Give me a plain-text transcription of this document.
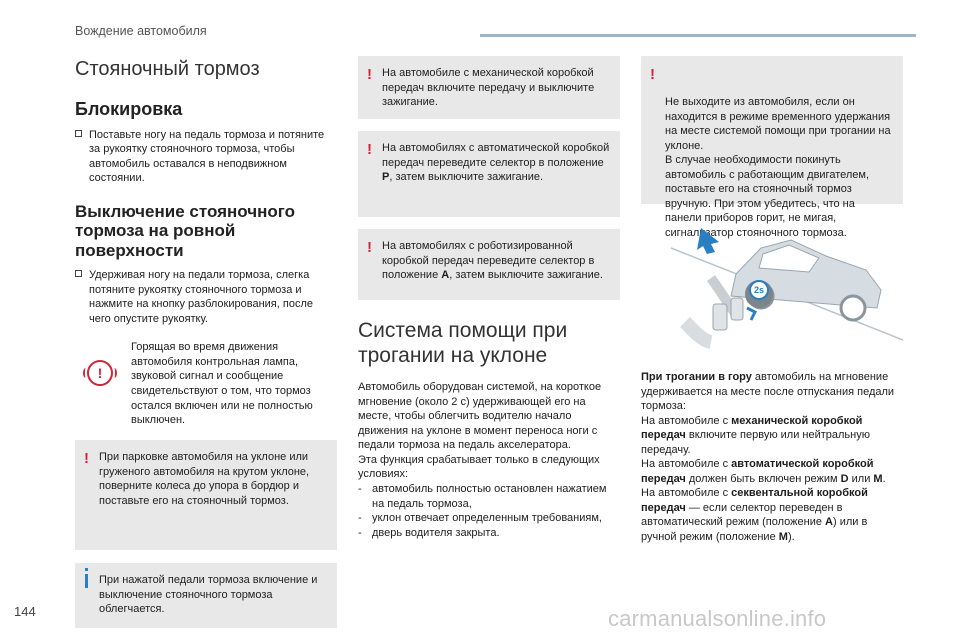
Вождение автомобиля
Стояночный тормоз
Блокировка
Поставьте ногу на педаль тормоза и потяните за рукоятку стояночного тормоза, чтобы автомобиль оставался в неподвижном состоянии.
Выключение стояночного тормоза на ровной поверхности
Удерживая ногу на педали тормоза, слегка потяните рукоятку стояночного тормоза и нажмите на кнопку разблокирования, после чего опустите рукоятку.
!
Горящая во время движения автомобиля контрольная лампа, звуковой сигнал и сообщение свидетельствуют о том, что тормоз остался включен или не полностью выключен.
! При парковке автомобиля на уклоне или груженого автомобиля на крутом уклоне, поверните колеса до упора в бордюр и поставьте его на стояночный тормоз.
При нажатой педали тормоза включение и выключение стояночного тормоза облегчается.
! На автомобиле с механической коробкой передач включите передачу и выключите зажигание.
! На автомобилях с автоматической коробкой передач переведите селектор в положение P, затем выключите зажигание.
! На автомобилях с роботизированной коробкой передач переведите селектор в положение A, затем выключите зажигание.
Система помощи при трогании на уклоне
Автомобиль оборудован системой, на короткое мгновение (около 2 с) удерживающей его на месте, чтобы облегчить водителю начало движения на уклоне в момент переноса ноги с педали тормоза на педаль акселератора.
Эта функция срабатывает только в следующих условиях:
- автомобиль полностью остановлен нажатием на педаль тормоза,
- уклон отвечает определенным требованиям,
- дверь водителя закрыта.

!

Не выходите из автомобиля, если он находится в режиме временного удержания на месте системой помощи при трогании на уклоне.
В случае необходимости покинуть автомобиль с работающим двигателем, поставьте его на стояночный тормоз вручную. При этом убедитесь, что на панели приборов горит, не мигая, сигнализатор стояночного тормоза.

2s
При трогании в гору автомобиль на мгновение удерживается на месте после отпускания педали тормоза:
На автомобиле с механической коробкой передач включите первую или нейтральную передачу.
На автомобиле с автоматической коробкой передач должен быть включен режим D или M.
На автомобиле с секвентальной коробкой передач — если селектор переведен в автоматический режим (положение A) или в ручной режим (положение M).
144	carmanualsonline.info
